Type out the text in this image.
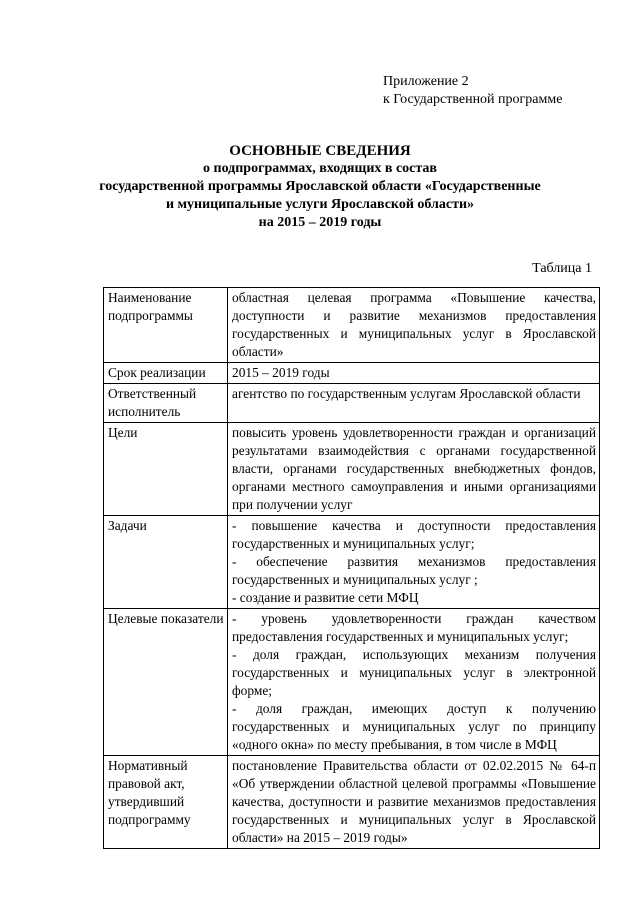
Приложение 2
к Государственной программе
ОСНОВНЫЕ СВЕДЕНИЯ
о подпрограммах, входящих в состав
государственной программы Ярославской области «Государственные
и муниципальные услуги Ярославской области»
на 2015 – 2019 годы
Таблица 1
Наименование подпрограммы	областная целевая программа «Повышение качества, доступности и развитие механизмов предоставления государственных и муниципальных услуг в Ярославской области»
Срок реализации	2015 – 2019 годы
Ответственный исполнитель	агентство по государственным услугам Ярославской области
Цели	повысить уровень удовлетворенности граждан и организаций результатами взаимодействия с органами государственной власти, органами государственных внебюджетных фондов, органами местного самоуправления и иными организациями при получении услуг
Задачи	- повышение качества и доступности предоставления государственных и муниципальных услуг;
- обеспечение развития механизмов предоставления государственных и муниципальных услуг ;
- создание и развитие сети МФЦ

Целевые показатели	- уровень удовлетворенности граждан качеством предоставления государственных и муниципальных услуг;
- доля граждан, использующих механизм получения государственных и муниципальных услуг в электронной форме;
- доля граждан, имеющих доступ к получению государственных и муниципальных услуг по принципу «одного окна» по месту пребывания, в том числе в МФЦ

Нормативный правовой акт, утвердивший подпрограмму	постановление Правительства области от 02.02.2015 № 64-п «Об утверждении областной целевой программы «Повышение качества, доступности и развитие механизмов предоставления государственных и муниципальных услуг в Ярославской области» на 2015 – 2019 годы»
